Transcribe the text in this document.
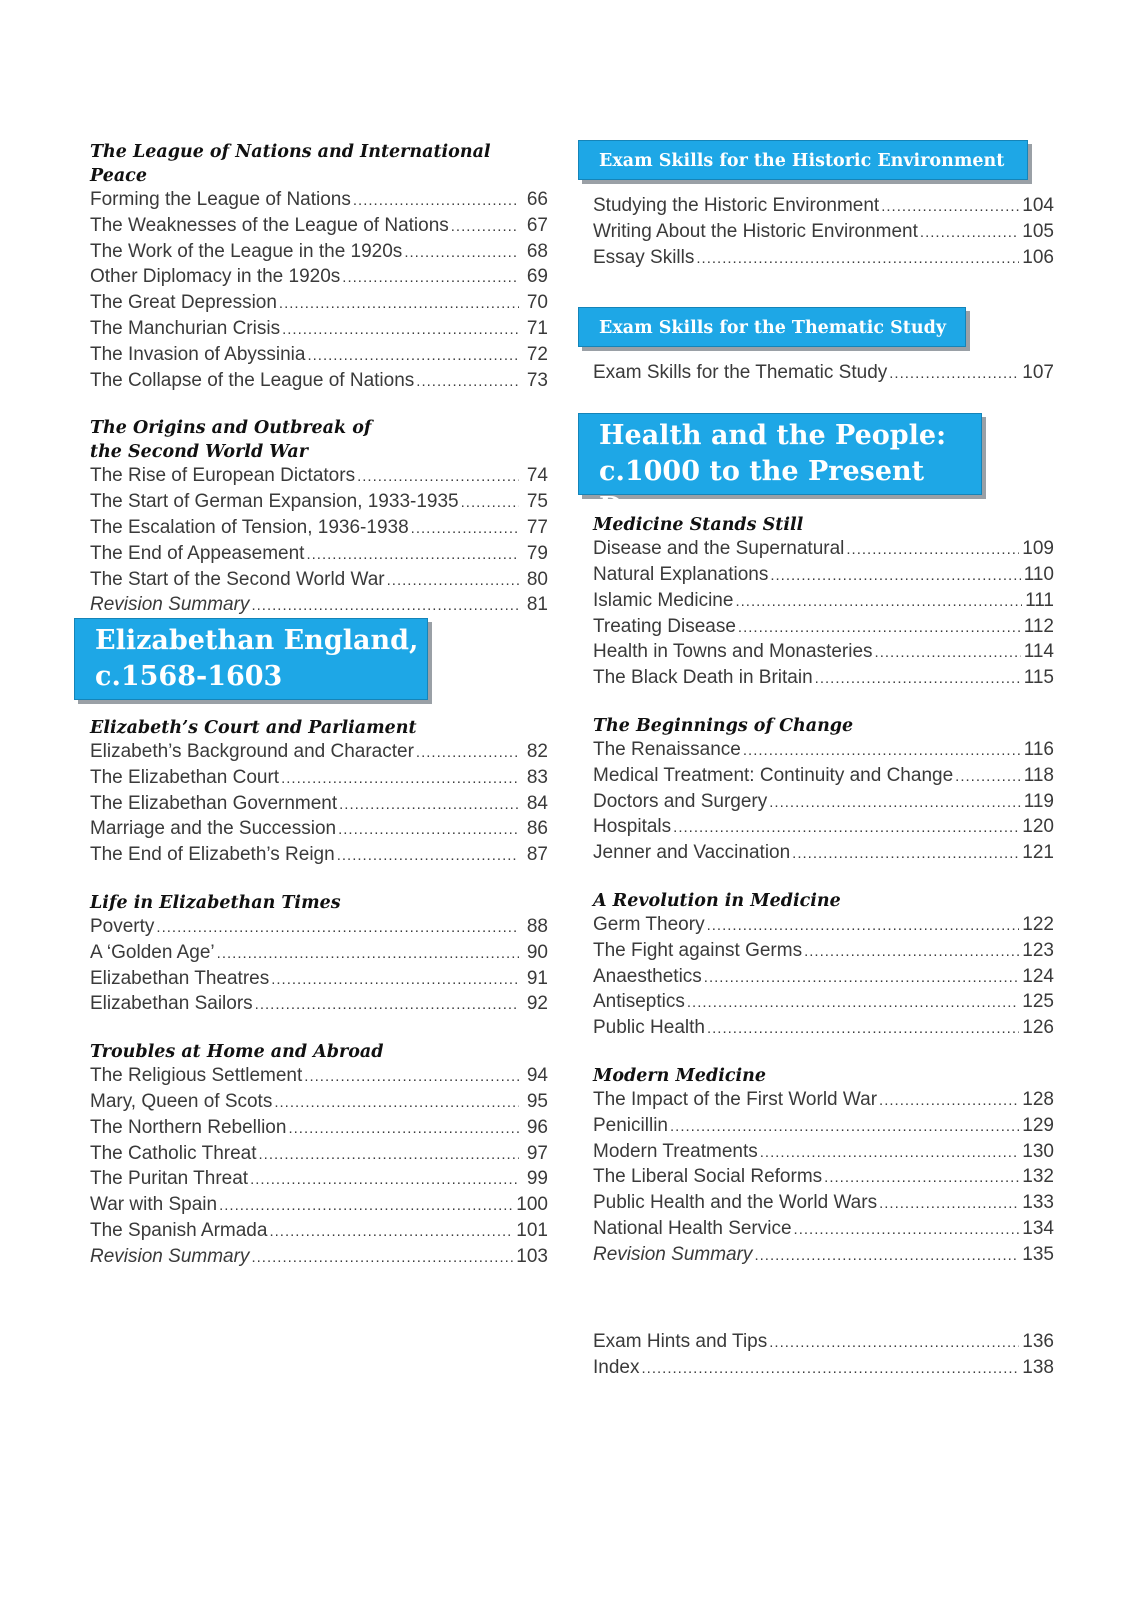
The League of Nations and International Peace
Forming the League of Nations .....	66
The Weaknesses of the League of Nations .....	67
The Work of the League in the 1920s .....	68
Other Diplomacy in the 1920s .....	69
The Great Depression .....	70
The Manchurian Crisis .....	71
The Invasion of Abyssinia .....	72
The Collapse of the League of Nations .....	73
The Origins and Outbreak of
the Second World War
The Rise of European Dictators .....	74
The Start of German Expansion, 1933-1935 .....	75
The Escalation of Tension, 1936-1938 .....	77
The End of Appeasement .....	79
The Start of the Second World War .....	80
Revision Summary .....	81
Elizabethan England,
c.1568-1603
Elizabeth’s Court and Parliament
Elizabeth’s Background and Character .....	82
The Elizabethan Court .....	83
The Elizabethan Government .....	84
Marriage and the Succession .....	86
The End of Elizabeth’s Reign .....	87
Life in Elizabethan Times
Poverty .....	88
A ‘Golden Age’ .....	90
Elizabethan Theatres .....	91
Elizabethan Sailors .....	92
Troubles at Home and Abroad
The Religious Settlement .....	94
Mary, Queen of Scots .....	95
The Northern Rebellion .....	96
The Catholic Threat .....	97
The Puritan Threat .....	99
War with Spain .....	100
The Spanish Armada .....	101
Revision Summary .....	103
Exam Skills for the Historic Environment
Studying the Historic Environment .....	104
Writing About the Historic Environment .....	105
Essay Skills .....	106
Exam Skills for the Thematic Study
Exam Skills for the Thematic Study .....	107
Health and the People:
c.1000 to the Present Day
Medicine Stands Still
Disease and the Supernatural .....	109
Natural Explanations .....	110
Islamic Medicine .....	111
Treating Disease .....	112
Health in Towns and Monasteries .....	114
The Black Death in Britain .....	115
The Beginnings of Change
The Renaissance .....	116
Medical Treatment: Continuity and Change .....	118
Doctors and Surgery .....	119
Hospitals .....	120
Jenner and Vaccination .....	121
A Revolution in Medicine
Germ Theory .....	122
The Fight against Germs .....	123
Anaesthetics .....	124
Antiseptics .....	125
Public Health .....	126
Modern Medicine
The Impact of the First World War .....	128
Penicillin .....	129
Modern Treatments .....	130
The Liberal Social Reforms .....	132
Public Health and the World Wars .....	133
National Health Service .....	134
Revision Summary .....	135
Exam Hints and Tips .....	136
Index .....	138
